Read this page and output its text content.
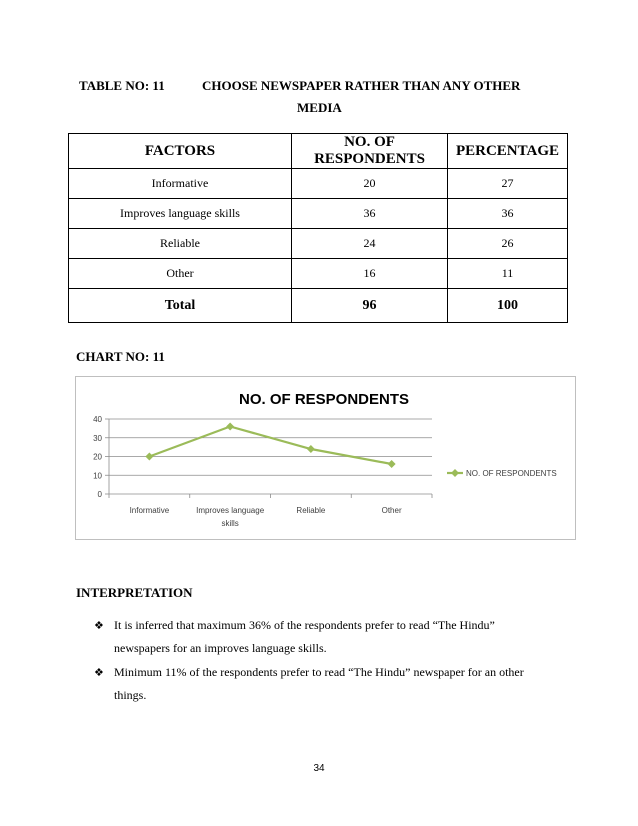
TABLE NO: 11	CHOOSE NEWSPAPER RATHER THAN ANY OTHER
MEDIA
FACTORS	NO. OF RESPONDENTS	PERCENTAGE
Informative	20	27
Improves language skills	36	36
Reliable	24	26
Other	16	11
Total	96	100
CHART NO: 11
NO. OF RESPONDENTS
0
10
20
30
40
Informative	Improves language skills
Reliable	Other
NO. OF RESPONDENTS
INTERPRETATION
❖ It is inferred that maximum 36% of the respondents prefer to read “The Hindu”
newspapers for an improves language skills.
❖ Minimum 11% of the respondents prefer to read “The Hindu” newspaper for an other
things.
34
